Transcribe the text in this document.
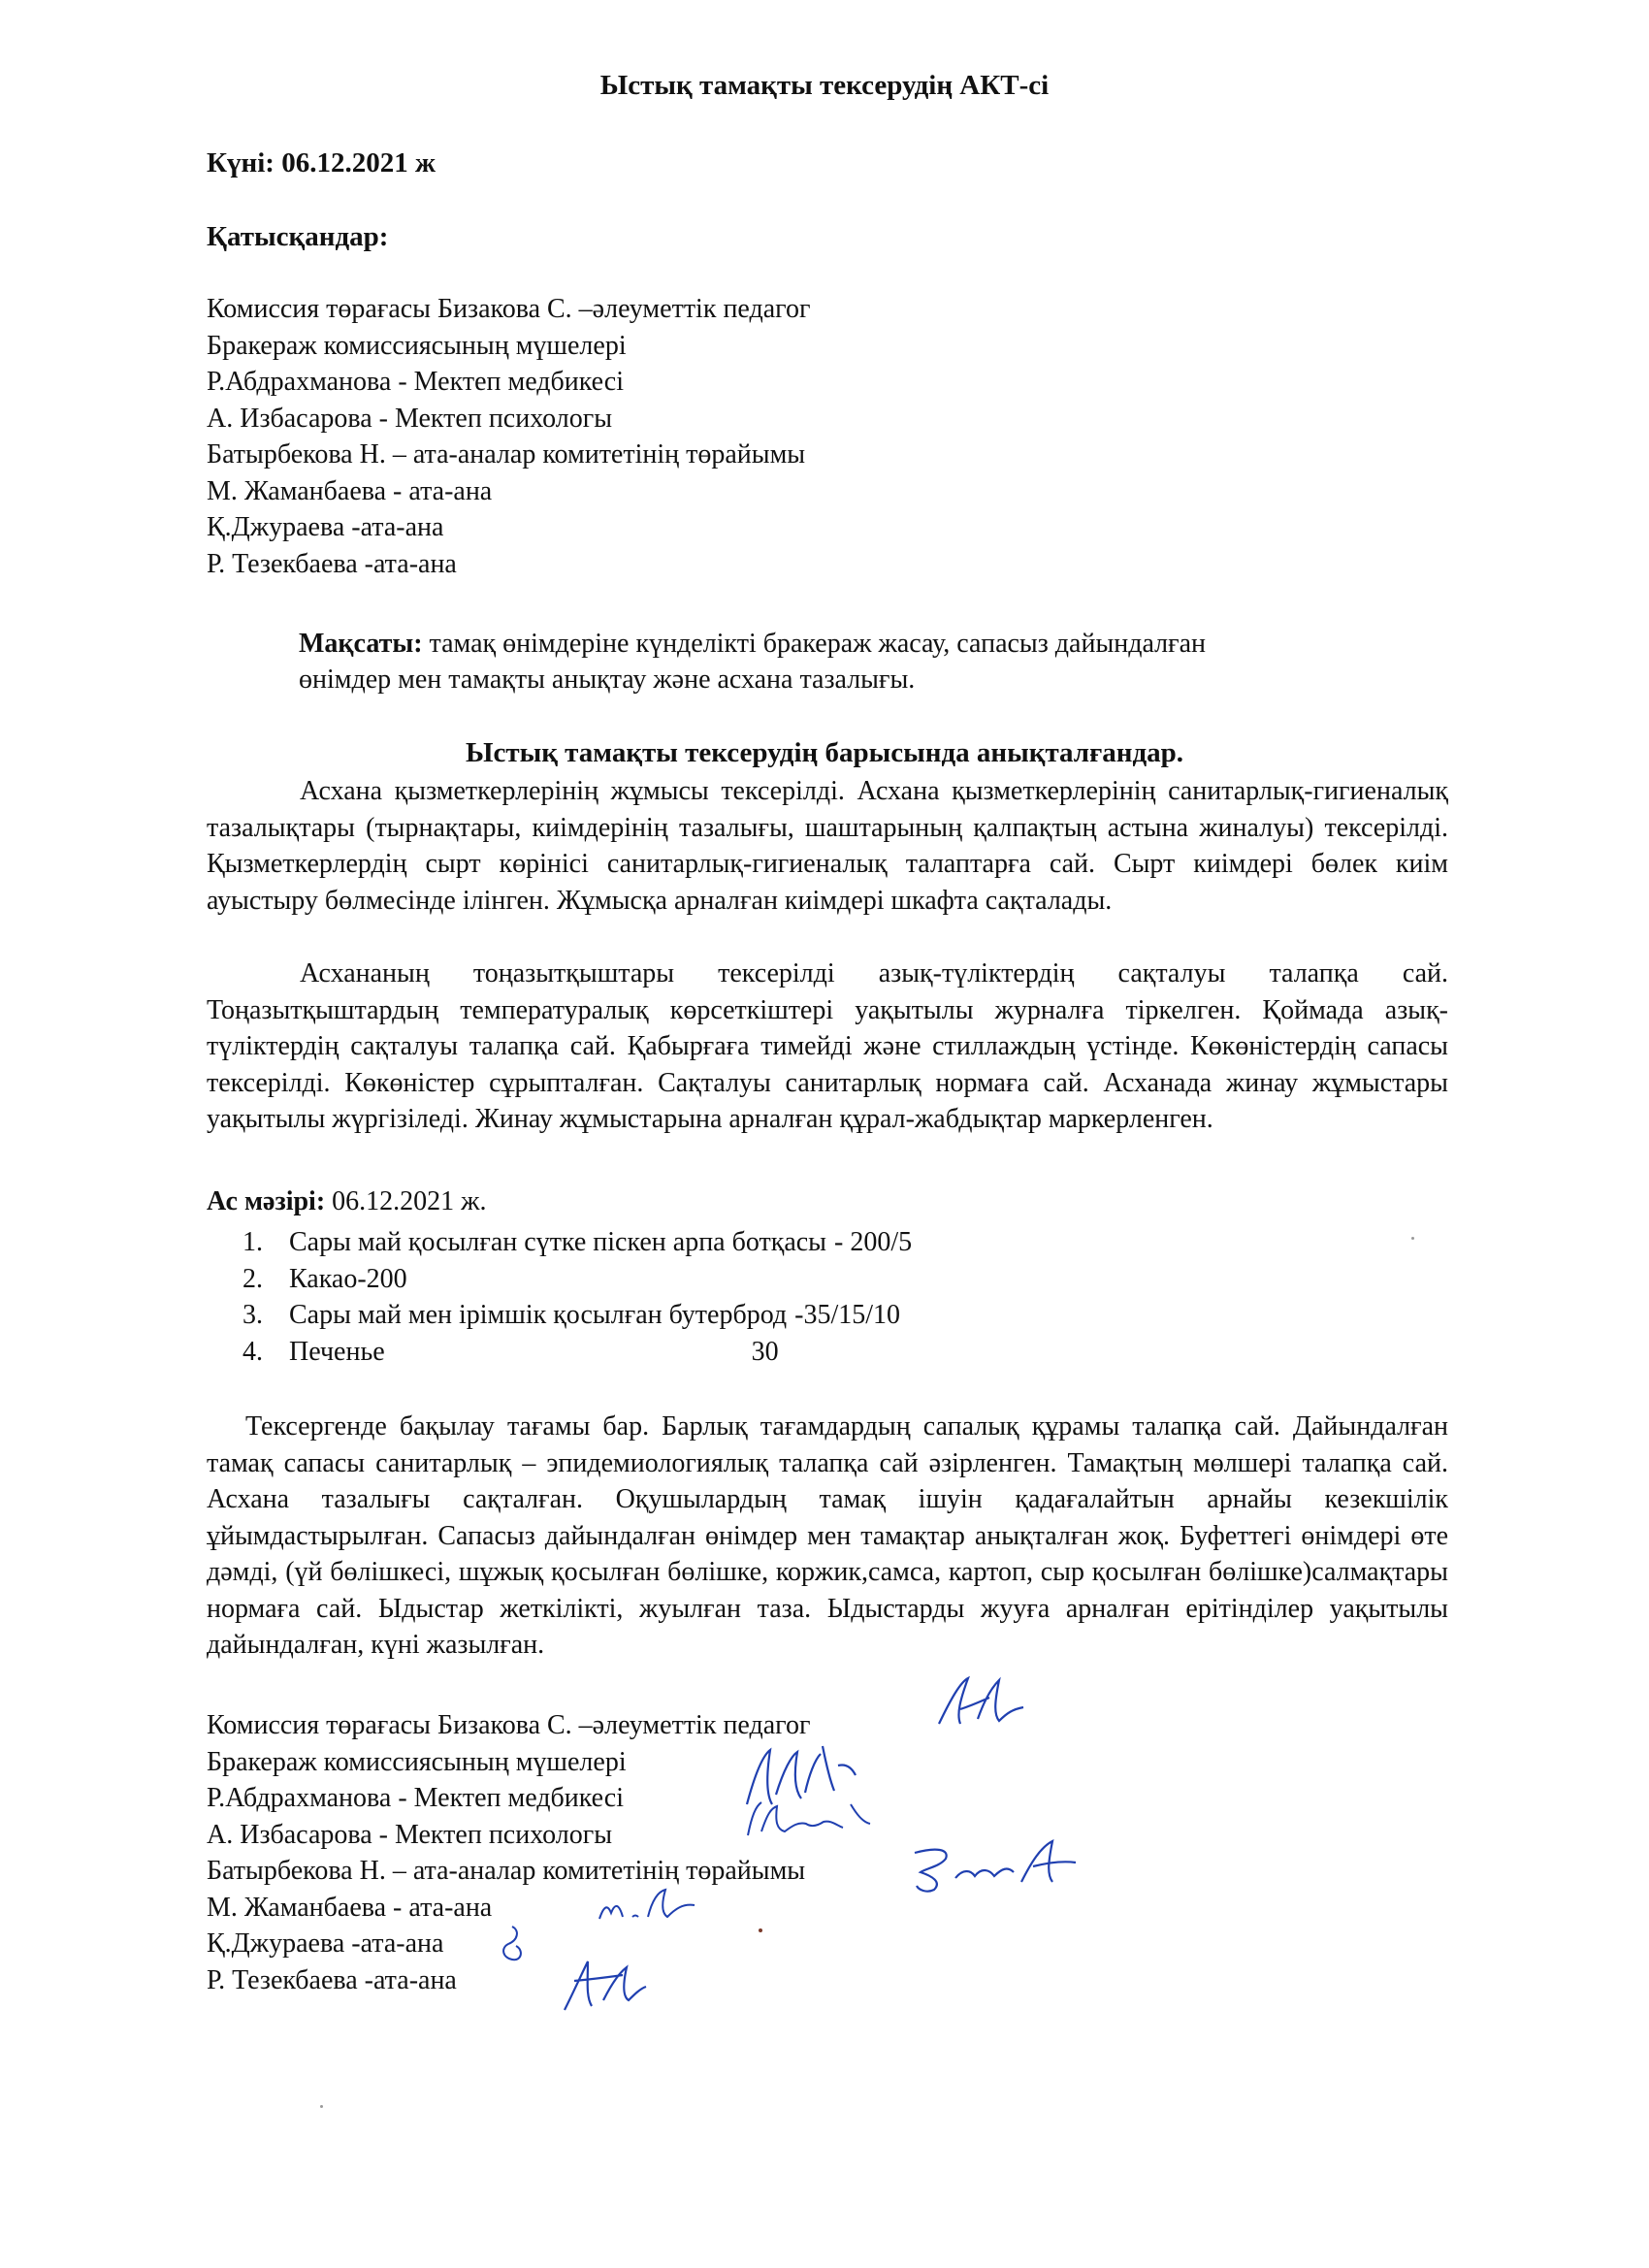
Ыстық тамақты тексерудің АКТ-сі
Күні: 06.12.2021 ж
Қатысқандар:
Комиссия төрағасы Бизакова С. –әлеуметтік педагог
Бракераж комиссиясының мүшелері
Р.Абдрахманова - Мектеп медбикесі
А. Избасарова - Мектеп психологы
Батырбекова Н. – ата-аналар комитетінің төрайымы
М. Жаманбаева - ата-ана
Қ.Джураева -ата-ана
Р. Тезекбаева -ата-ана
Мақсаты: тамақ өнімдеріне күнделікті бракераж жасау, сапасыз дайындалған өнімдер мен тамақты анықтау және асхана тазалығы.
Ыстық тамақты тексерудің барысында анықталғандар.
Асхана қызметкерлерінің жұмысы тексерілді. Асхана қызметкерлерінің санитарлық-гигиеналық тазалықтары (тырнақтары, киімдерінің тазалығы, шаштарының қалпақтың астына жиналуы) тексерілді. Қызметкерлердің сырт көрінісі санитарлық-гигиеналық талаптарға сай. Сырт киімдері бөлек киім ауыстыру бөлмесінде ілінген. Жұмысқа арналған киімдері шкафта сақталады.
Асхананың тоңазытқыштары тексерілді азық-түліктердің сақталуы талапқа сай. Тоңазытқыштардың температуралық көрсеткіштері уақытылы журналға тіркелген. Қоймада азық-түліктердің сақталуы талапқа сай. Қабырғаға тимейді және стиллаждың үстінде. Көкөністердің сапасы тексерілді. Көкөністер сұрыпталған. Сақталуы санитарлық нормаға сай. Асханада жинау жұмыстары уақытылы жүргізіледі. Жинау жұмыстарына арналған құрал-жабдықтар маркерленген.
Ас мәзірі: 06.12.2021 ж.
1. Сары май қосылған сүтке піскен арпа ботқасы- 200/5
2. Какао-200
3. Сары май мен ірімшік қосылған бутерброд -35/15/10
4. Печенье	30
Тексергенде бақылау тағамы бар. Барлық тағамдардың сапалық құрамы талапқа сай. Дайындалған тамақ сапасы санитарлық – эпидемиологиялық талапқа сай әзірленген. Тамақтың мөлшері талапқа сай. Асхана тазалығы сақталған. Оқушылардың тамақ ішуін қадағалайтын арнайы кезекшілік ұйымдастырылған. Сапасыз дайындалған өнімдер мен тамақтар анықталған жоқ. Буфеттегі өнімдері өте дәмді, (үй бөлішкесі, шұжық қосылған бөлішке, коржик,самса, картоп, сыр қосылған бөлішке)салмақтары нормаға сай. Ыдыстар жеткілікті, жуылған таза. Ыдыстарды жууға арналған ерітінділер уақытылы дайындалған, күні жазылған.
Комиссия төрағасы Бизакова С. –әлеуметтік педагог
Бракераж комиссиясының мүшелері
Р.Абдрахманова - Мектеп медбикесі
А. Избасарова - Мектеп психологы
Батырбекова Н. – ата-аналар комитетінің төрайымы
М. Жаманбаева - ата-ана
Қ.Джураева -ата-ана
Р. Тезекбаева -ата-ана
